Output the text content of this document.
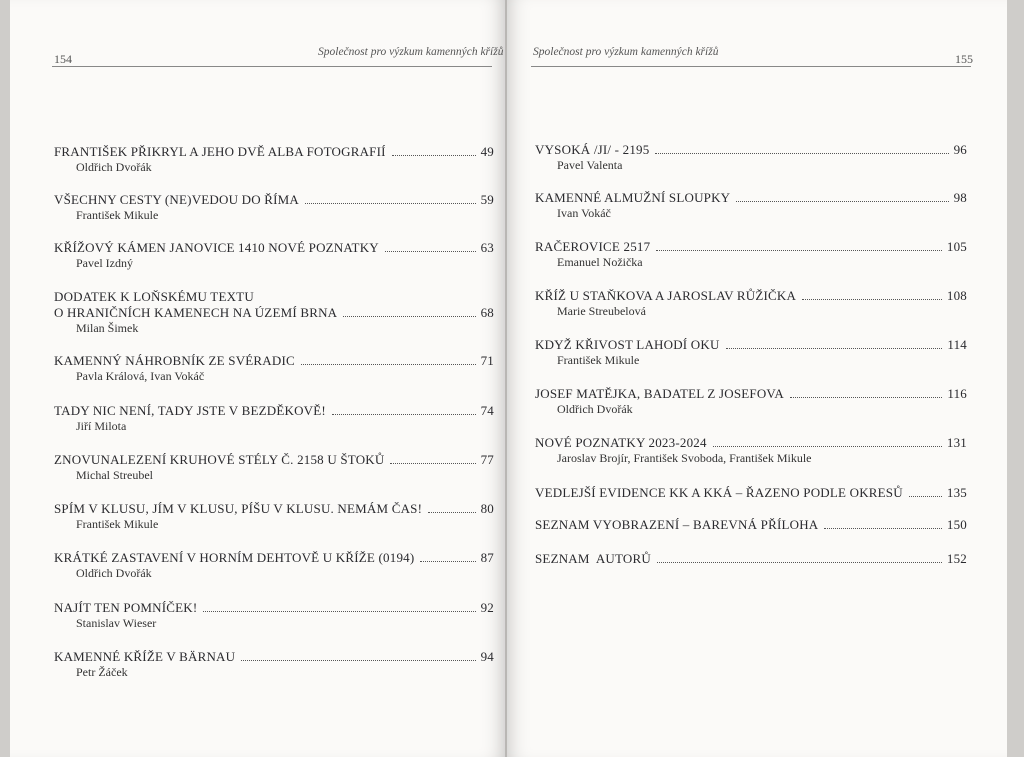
154	Společnost pro výzkum kamenných křížů
FRANTIŠEK PŘIKRYL A JEHO DVĚ ALBA FOTOGRAFIÍ	49
Oldřich Dvořák
VŠECHNY CESTY (NE)VEDOU DO ŘÍMA	59
František Mikule
KŘÍŽOVÝ KÁMEN JANOVICE 1410 NOVÉ POZNATKY	63
Pavel Izdný
DODATEK K LOŇSKÉMU TEXTU
O HRANIČNÍCH KAMENECH NA ÚZEMÍ BRNA	68
Milan Šimek
KAMENNÝ NÁHROBNÍK ZE SVÉRADIC	71
Pavla Králová, Ivan Vokáč
TADY NIC NENÍ, TADY JSTE V BEZDĚKOVĚ!	74
Jiří Milota
ZNOVUNALEZENÍ KRUHOVÉ STÉLY Č. 2158 U ŠTOKŮ	77
Michal Streubel
SPÍM V KLUSU, JÍM V KLUSU, PÍŠU V KLUSU. NEMÁM ČAS!	80
František Mikule
KRÁTKÉ ZASTAVENÍ V HORNÍM DEHTOVĚ U KŘÍŽE (0194)	87
Oldřich Dvořák
NAJÍT TEN POMNÍČEK!	92
Stanislav Wieser
KAMENNÉ KŘÍŽE V BÄRNAU	94
Petr Žáček
Společnost pro výzkum kamenných křížů	155
VYSOKÁ /JI/ - 2195	96
Pavel Valenta
KAMENNÉ ALMUŽNÍ SLOUPKY	98
Ivan Vokáč
RAČEROVICE 2517	105
Emanuel Nožička
KŘÍŽ U STAŇKOVA A JAROSLAV RŮŽIČKA	108
Marie Streubelová
KDYŽ KŘIVOST LAHODÍ OKU	114
František Mikule
JOSEF MATĚJKA, BADATEL Z JOSEFOVA	116
Oldřich Dvořák
NOVÉ POZNATKY 2023-2024	131
Jaroslav Brojír, František Svoboda, František Mikule
VEDLEJŠÍ EVIDENCE KK A KKÁ – ŘAZENO PODLE OKRESŮ	135
SEZNAM VYOBRAZENÍ – BAREVNÁ PŘÍLOHA	150
SEZNAM  AUTORŮ	152
